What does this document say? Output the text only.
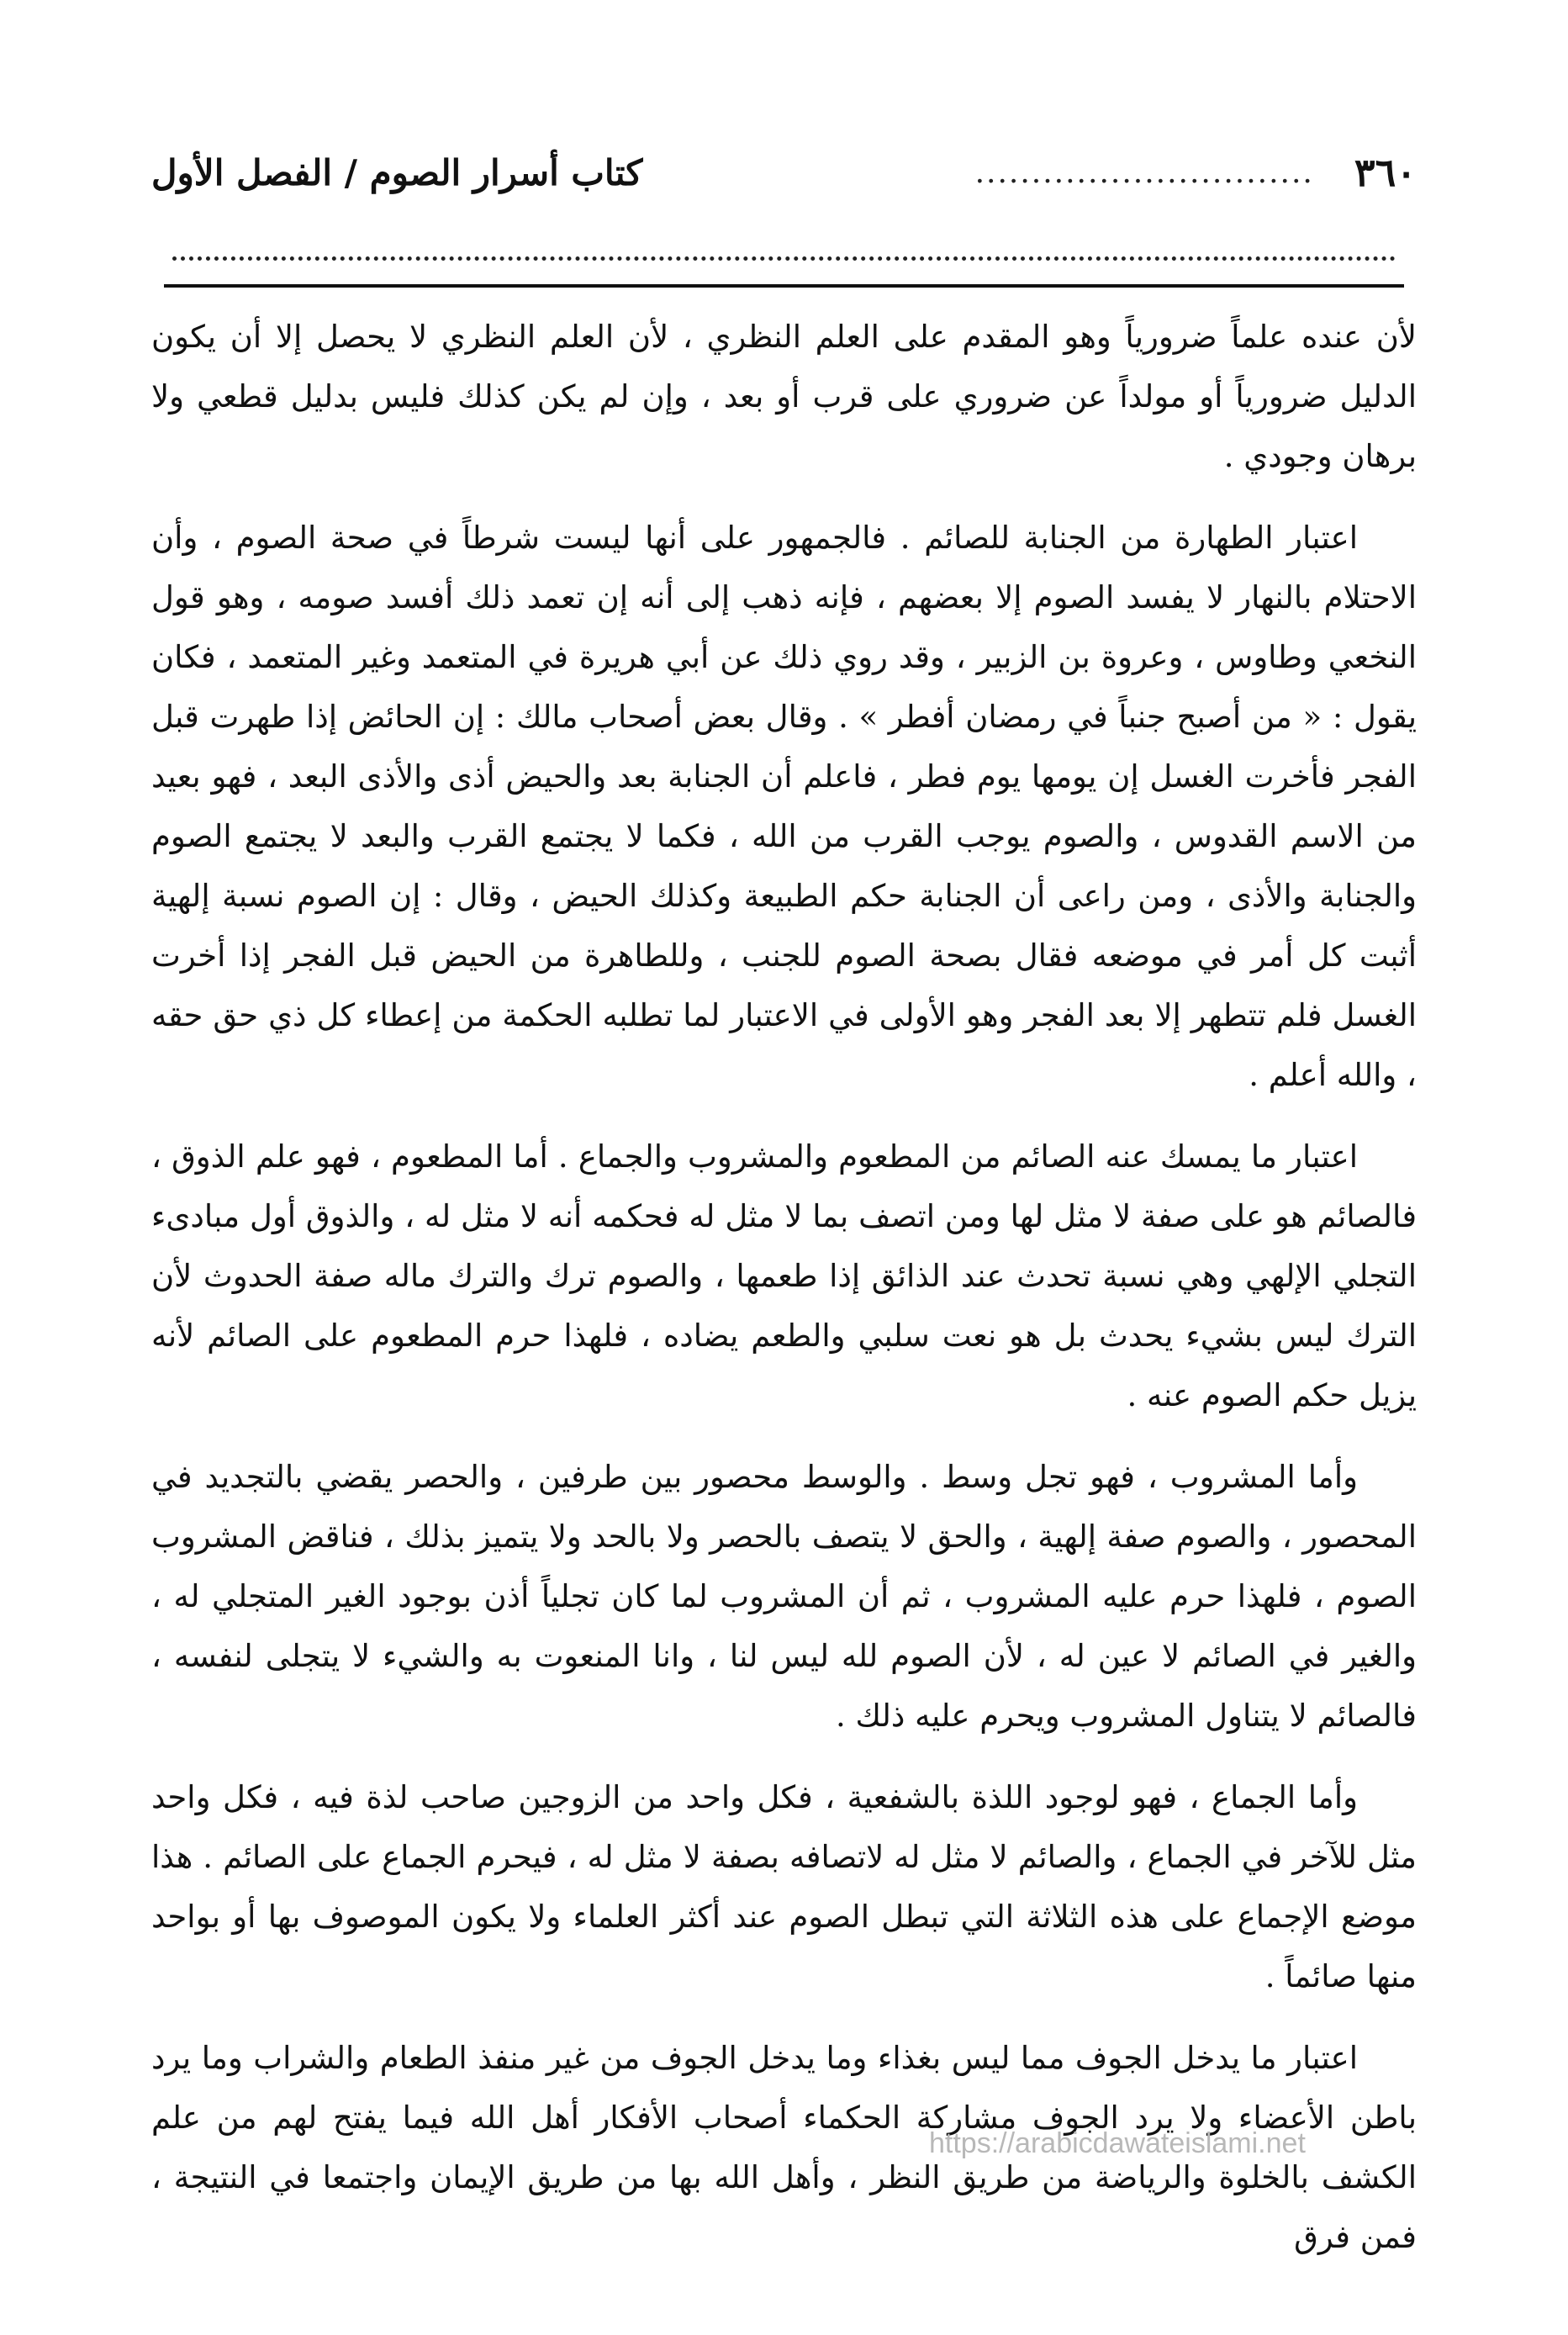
٣٦٠
..............................
كتاب أسرار الصوم / الفصل الأول

لأن عنده علماً ضرورياً وهو المقدم على العلم النظري ، لأن العلم النظري لا يحصل إلا أن يكون الدليل ضرورياً أو مولداً عن ضروري على قرب أو بعد ، وإن لم يكن كذلك فليس بدليل قطعي ولا برهان وجودي .

اعتبار الطهارة من الجنابة للصائم . فالجمهور على أنها ليست شرطاً في صحة الصوم ، وأن الاحتلام بالنهار لا يفسد الصوم إلا بعضهم ، فإنه ذهب إلى أنه إن تعمد ذلك أفسد صومه ، وهو قول النخعي وطاوس ، وعروة بن الزبير ، وقد روي ذلك عن أبي هريرة في المتعمد وغير المتعمد ، فكان يقول : « من أصبح جنباً في رمضان أفطر » . وقال بعض أصحاب مالك : إن الحائض إذا طهرت قبل الفجر فأخرت الغسل إن يومها يوم فطر ، فاعلم أن الجنابة بعد والحيض أذى والأذى البعد ، فهو بعيد من الاسم القدوس ، والصوم يوجب القرب من الله ، فكما لا يجتمع القرب والبعد لا يجتمع الصوم والجنابة والأذى ، ومن راعى أن الجنابة حكم الطبيعة وكذلك الحيض ، وقال : إن الصوم نسبة إلهية أثبت كل أمر في موضعه فقال بصحة الصوم للجنب ، وللطاهرة من الحيض قبل الفجر إذا أخرت الغسل فلم تتطهر إلا بعد الفجر وهو الأولى في الاعتبار لما تطلبه الحكمة من إعطاء كل ذي حق حقه ، والله أعلم .

اعتبار ما يمسك عنه الصائم من المطعوم والمشروب والجماع . أما المطعوم ، فهو علم الذوق ، فالصائم هو على صفة لا مثل لها ومن اتصف بما لا مثل له فحكمه أنه لا مثل له ، والذوق أول مبادىء التجلي الإلهي وهي نسبة تحدث عند الذائق إذا طعمها ، والصوم ترك والترك ماله صفة الحدوث لأن الترك ليس بشيء يحدث بل هو نعت سلبي والطعم يضاده ، فلهذا حرم المطعوم على الصائم لأنه يزيل حكم الصوم عنه .

وأما المشروب ، فهو تجل وسط . والوسط محصور بين طرفين ، والحصر يقضي بالتجديد في المحصور ، والصوم صفة إلهية ، والحق لا يتصف بالحصر ولا بالحد ولا يتميز بذلك ، فناقض المشروب الصوم ، فلهذا حرم عليه المشروب ، ثم أن المشروب لما كان تجلياً أذن بوجود الغير المتجلي له ، والغير في الصائم لا عين له ، لأن الصوم لله ليس لنا ، وانا المنعوت به والشيء لا يتجلى لنفسه ، فالصائم لا يتناول المشروب ويحرم عليه ذلك .

وأما الجماع ، فهو لوجود اللذة بالشفعية ، فكل واحد من الزوجين صاحب لذة فيه ، فكل واحد مثل للآخر في الجماع ، والصائم لا مثل له لاتصافه بصفة لا مثل له ، فيحرم الجماع على الصائم . هذا موضع الإجماع على هذه الثلاثة التي تبطل الصوم عند أكثر العلماء ولا يكون الموصوف بها أو بواحد منها صائماً .

اعتبار ما يدخل الجوف مما ليس بغذاء وما يدخل الجوف من غير منفذ الطعام والشراب وما يرد باطن الأعضاء ولا يرد الجوف مشاركة الحكماء أصحاب الأفكار أهل الله فيما يفتح لهم من علم الكشف بالخلوة والرياضة من طريق النظر ، وأهل الله بها من طريق الإيمان واجتمعا في النتيجة ، فمن فرق

https://arabicdawateislami.net
